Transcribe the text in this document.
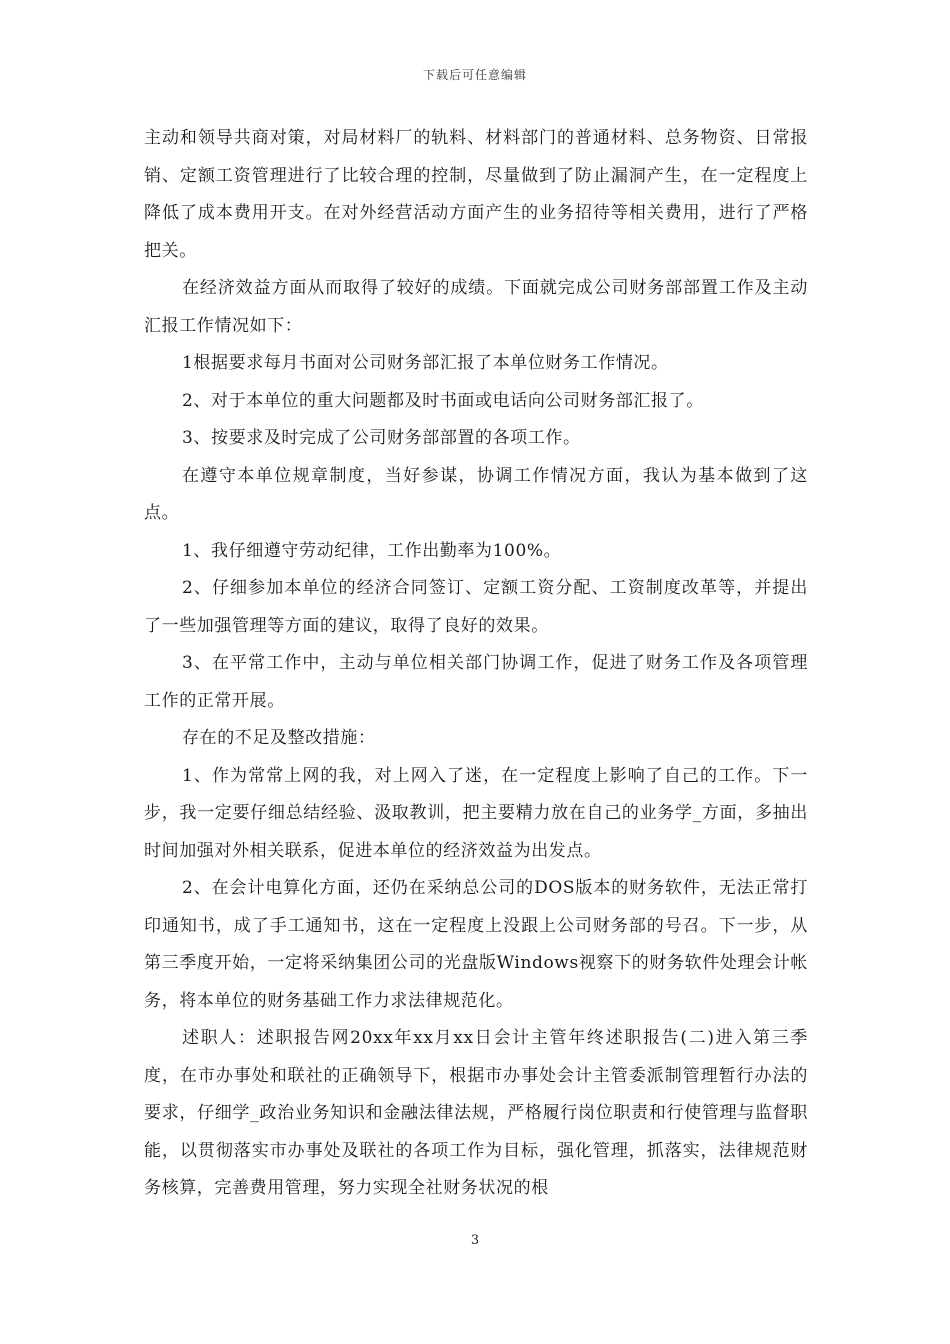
下载后可任意编辑

主动和领导共商对策，对局材料厂的轨料、材料部门的普通材料、总务物资、日常报销、定额工资管理进行了比较合理的控制，尽量做到了防止漏洞产生，在一定程度上降低了成本费用开支。在对外经营活动方面产生的业务招待等相关费用，进行了严格把关。

在经济效益方面从而取得了较好的成绩。下面就完成公司财务部部置工作及主动汇报工作情况如下：

1根据要求每月书面对公司财务部汇报了本单位财务工作情况。

2、对于本单位的重大问题都及时书面或电话向公司财务部汇报了。

3、按要求及时完成了公司财务部部置的各项工作。

在遵守本单位规章制度，当好参谋，协调工作情况方面，我认为基本做到了这点。

1、我仔细遵守劳动纪律，工作出勤率为100%。

2、仔细参加本单位的经济合同签订、定额工资分配、工资制度改革等，并提出了一些加强管理等方面的建议，取得了良好的效果。

3、在平常工作中，主动与单位相关部门协调工作，促进了财务工作及各项管理工作的正常开展。

存在的不足及整改措施：

1、作为常常上网的我，对上网入了迷，在一定程度上影响了自己的工作。下一步，我一定要仔细总结经验、汲取教训，把主要精力放在自己的业务学_方面，多抽出时间加强对外相关联系，促进本单位的经济效益为出发点。

2、在会计电算化方面，还仍在采纳总公司的DOS版本的财务软件，无法正常打印通知书，成了手工通知书，这在一定程度上没跟上公司财务部的号召。下一步，从第三季度开始，一定将采纳集团公司的光盘版Windows视察下的财务软件处理会计帐务，将本单位的财务基础工作力求法律规范化。

述职人：述职报告网20xx年xx月xx日会计主管年终述职报告(二)进入第三季度，在市办事处和联社的正确领导下，根据市办事处会计主管委派制管理暂行办法的要求，仔细学_政治业务知识和金融法律法规，严格履行岗位职责和行使管理与监督职能，以贯彻落实市办事处及联社的各项工作为目标，强化管理，抓落实，法律规范财务核算，完善费用管理，努力实现全社财务状况的根

3
